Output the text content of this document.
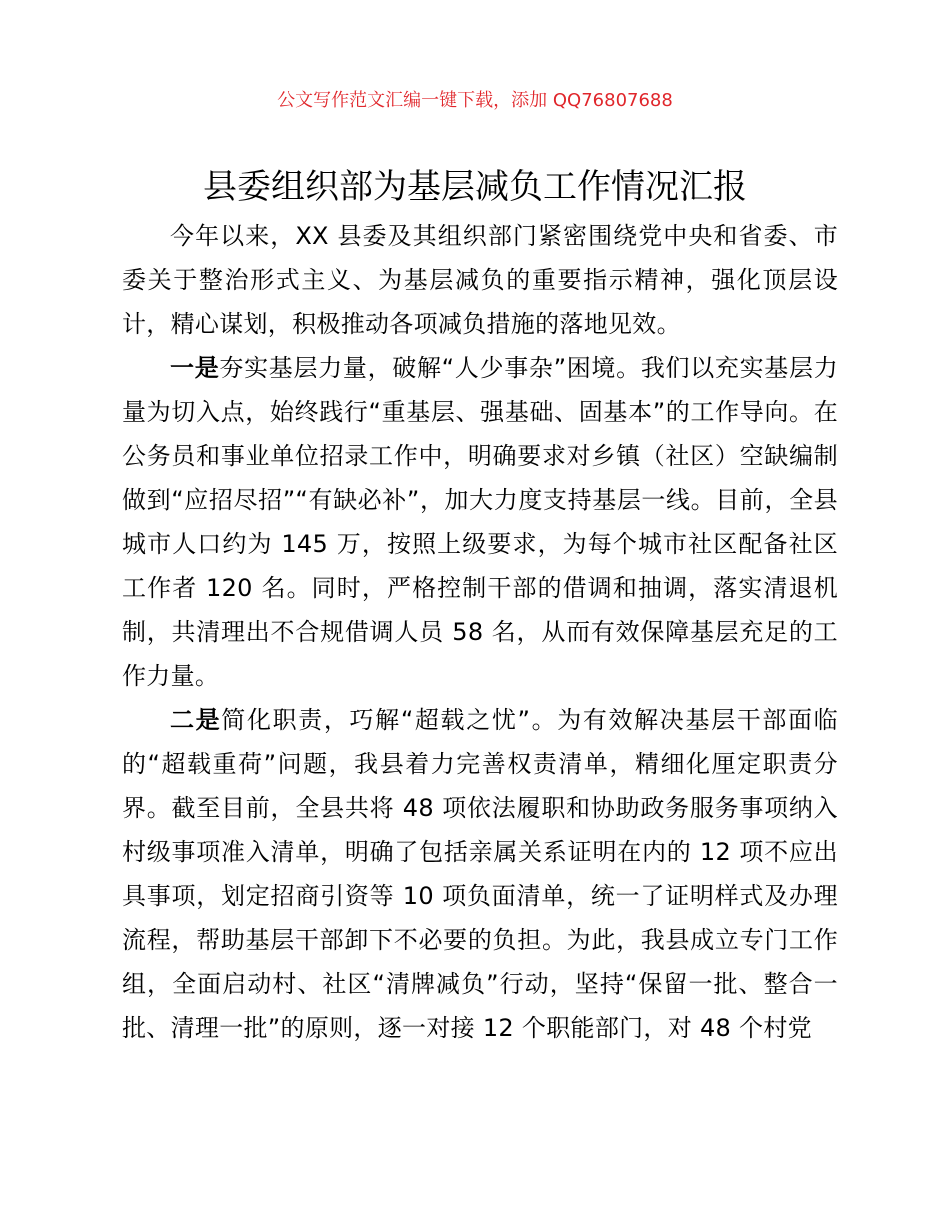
公文写作范文汇编一键下载，添加 QQ76807688
县委组织部为基层减负工作情况汇报

今年以来，XX 县委及其组织部门紧密围绕党中央和省委、市委关于整治形式主义、为基层减负的重要指示精神，强化顶层设计，精心谋划，积极推动各项减负措施的落地见效。

一是夯实基层力量，破解“人少事杂”困境。我们以充实基层力量为切入点，始终践行“重基层、强基础、固基本”的工作导向。在公务员和事业单位招录工作中，明确要求对乡镇（社区）空缺编制做到“应招尽招”“有缺必补”，加大力度支持基层一线。目前，全县城市人口约为 145 万，按照上级要求，为每个城市社区配备社区工作者 120 名。同时，严格控制干部的借调和抽调，落实清退机制，共清理出不合规借调人员 58 名，从而有效保障基层充足的工作力量。

二是简化职责，巧解“超载之忧”。为有效解决基层干部面临的“超载重荷”问题，我县着力完善权责清单，精细化厘定职责分界。截至目前，全县共将 48 项依法履职和协助政务服务事项纳入村级事项准入清单，明确了包括亲属关系证明在内的 12 项不应出具事项，划定招商引资等 10 项负面清单，统一了证明样式及办理流程，帮助基层干部卸下不必要的负担。为此，我县成立专门工作组，全面启动村、社区“清牌减负”行动，坚持“保留一批、整合一批、清理一批”的原则，逐一对接 12 个职能部门，对 48 个村党
